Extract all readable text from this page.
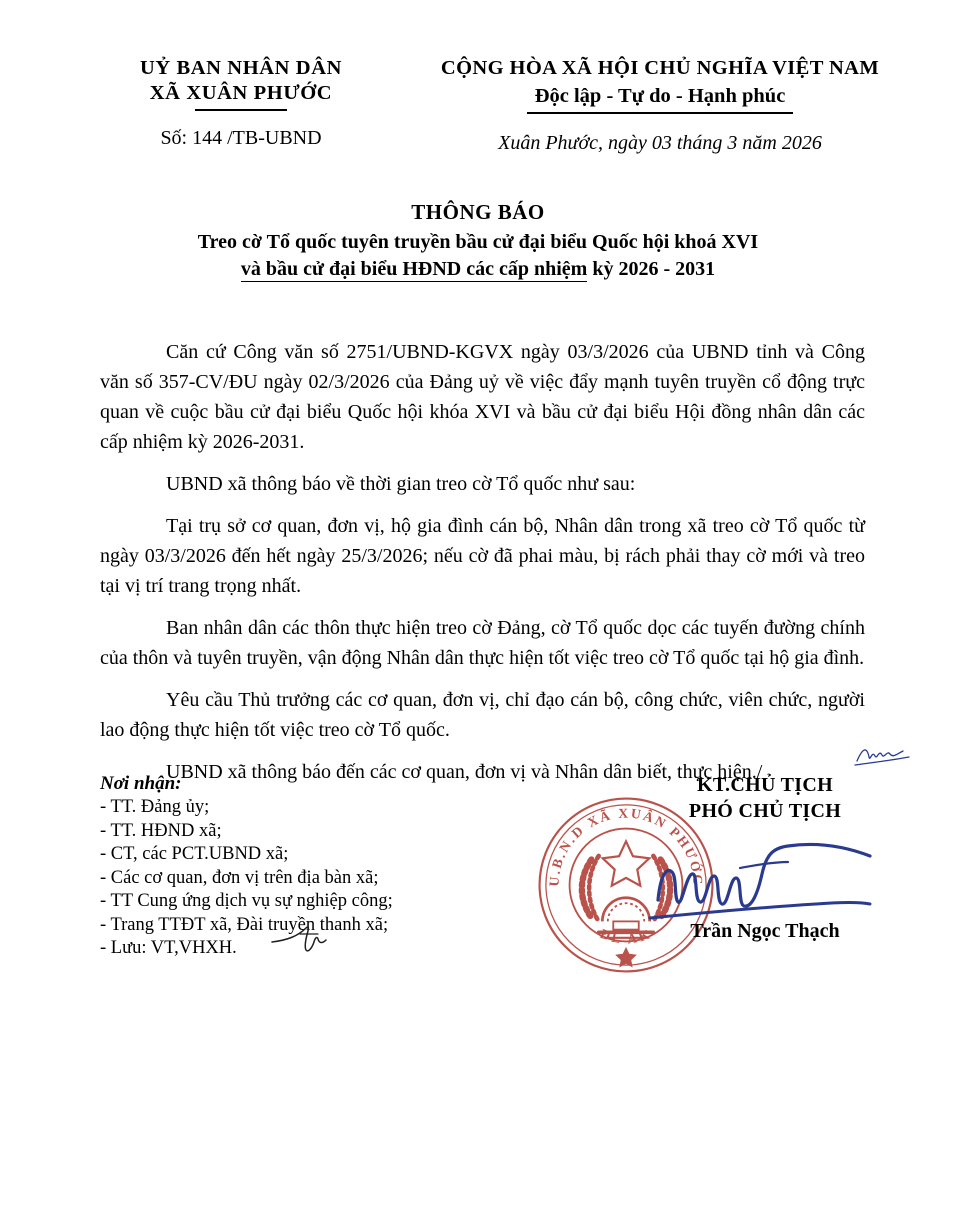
UỶ BAN NHÂN DÂN
XÃ XUÂN PHƯỚC
Số: 144 /TB-UBND
CỘNG HÒA XÃ HỘI CHỦ NGHĨA VIỆT NAM
Độc lập - Tự do - Hạnh phúc
Xuân Phước, ngày 03 tháng 3 năm 2026
THÔNG BÁO
Treo cờ Tổ quốc tuyên truyền bầu cử đại biểu Quốc hội khoá XVI
và bầu cử đại biểu HĐND các cấp nhiệm kỳ 2026 - 2031

Căn cứ Công văn số 2751/UBND-KGVX ngày 03/3/2026 của UBND tỉnh và Công văn số 357-CV/ĐU ngày 02/3/2026 của Đảng uỷ về việc đẩy mạnh tuyên truyền cổ động trực quan về cuộc bầu cử đại biểu Quốc hội khóa XVI và bầu cử đại biểu Hội đồng nhân dân các cấp nhiệm kỳ 2026-2031.

UBND xã thông báo về thời gian treo cờ Tổ quốc như sau:

Tại trụ sở cơ quan, đơn vị, hộ gia đình cán bộ, Nhân dân trong xã treo cờ Tổ quốc từ ngày 03/3/2026 đến hết ngày 25/3/2026; nếu cờ đã phai màu, bị rách phải thay cờ mới và treo tại vị trí trang trọng nhất.

Ban nhân dân các thôn thực hiện treo cờ Đảng, cờ Tổ quốc dọc các tuyến đường chính của thôn và tuyên truyền, vận động Nhân dân thực hiện tốt việc treo cờ Tổ quốc tại hộ gia đình.

Yêu cầu Thủ trưởng các cơ quan, đơn vị, chỉ đạo cán bộ, công chức, viên chức, người lao động thực hiện tốt việc treo cờ Tổ quốc.

UBND xã thông báo đến các cơ quan, đơn vị và Nhân dân biết, thực hiện./

Nơi nhận:
- TT. Đảng ủy;
- TT. HĐND xã;
- CT, các PCT.UBND xã;
- Các cơ quan, đơn vị trên địa bàn xã;
- TT Cung ứng dịch vụ sự nghiệp công;
- Trang TTĐT xã, Đài truyền thanh xã;
- Lưu: VT,VHXH.
U.B.N.D XÃ XUÂN PHƯỚC
ĐL ĂK
KT.CHỦ TỊCH
PHÓ CHỦ TỊCH
Trần Ngọc Thạch
